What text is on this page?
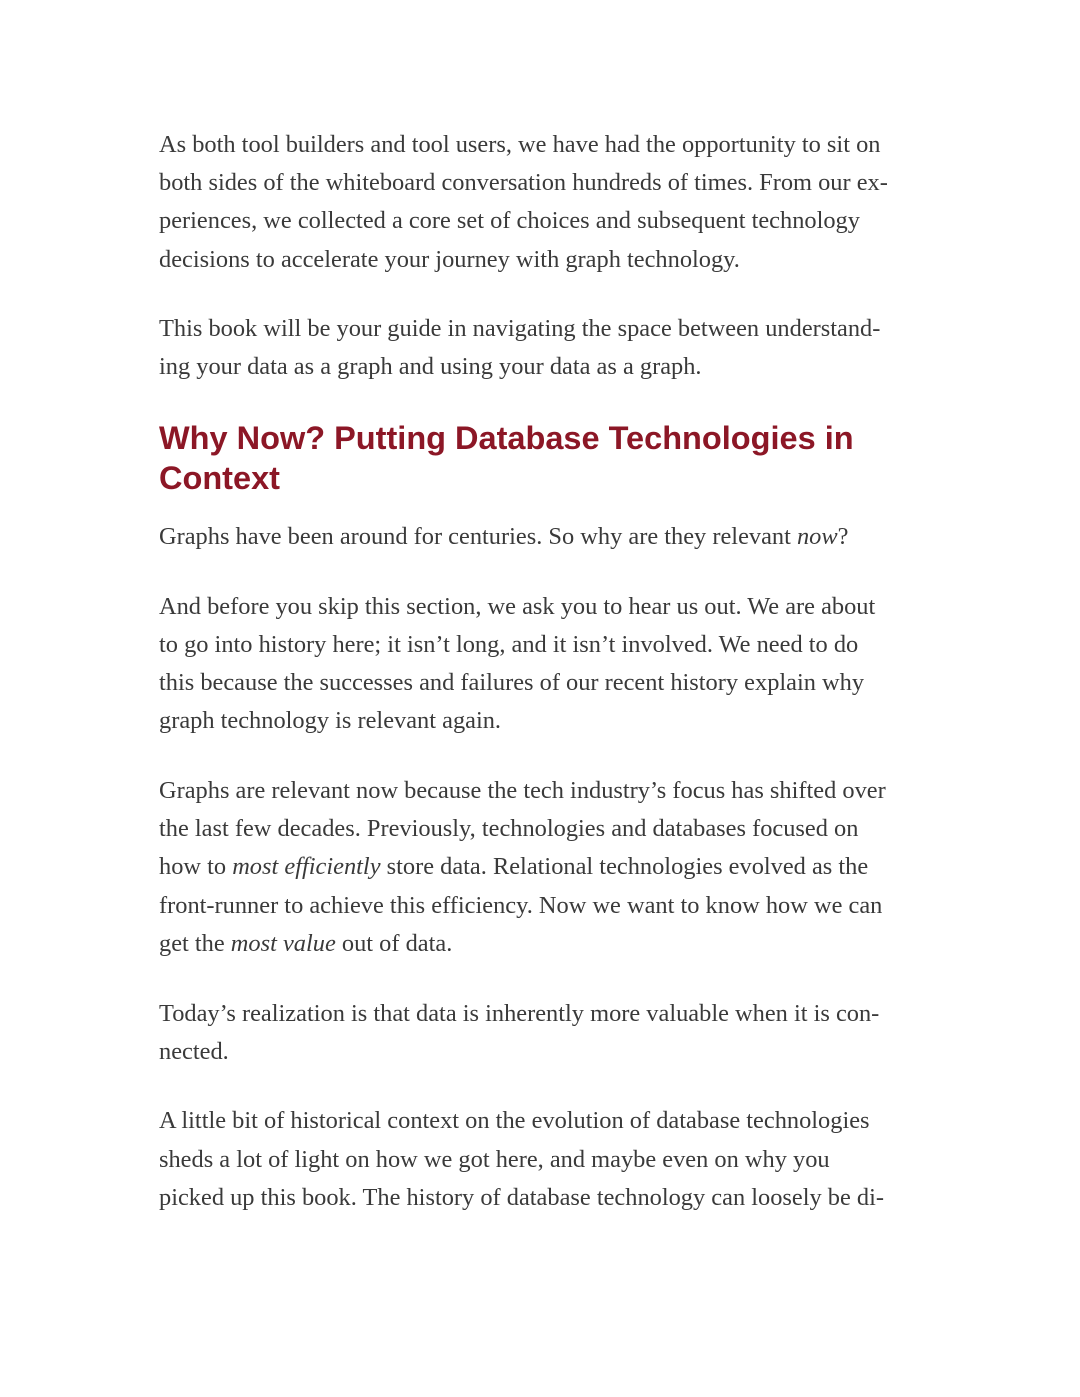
As both tool builders and tool users, we have had the opportunity to sit on
both sides of the whiteboard conversation hundreds of times. From our ex-
periences, we collected a core set of choices and subsequent technology
decisions to accelerate your journey with graph technology.
This book will be your guide in navigating the space between understand-
ing your data as a graph and using your data as a graph.
Why Now? Putting Database Technologies in
Context
Graphs have been around for centuries. So why are they relevant now?
And before you skip this section, we ask you to hear us out. We are about
to go into history here; it isn’t long, and it isn’t involved. We need to do
this because the successes and failures of our recent history explain why
graph technology is relevant again.
Graphs are relevant now because the tech industry’s focus has shifted over
the last few decades. Previously, technologies and databases focused on
how to most efficiently store data. Relational technologies evolved as the
front-runner to achieve this efficiency. Now we want to know how we can
get the most value out of data.
Today’s realization is that data is inherently more valuable when it is con-
nected.
A little bit of historical context on the evolution of database technologies
sheds a lot of light on how we got here, and maybe even on why you
picked up this book. The history of database technology can loosely be di-
